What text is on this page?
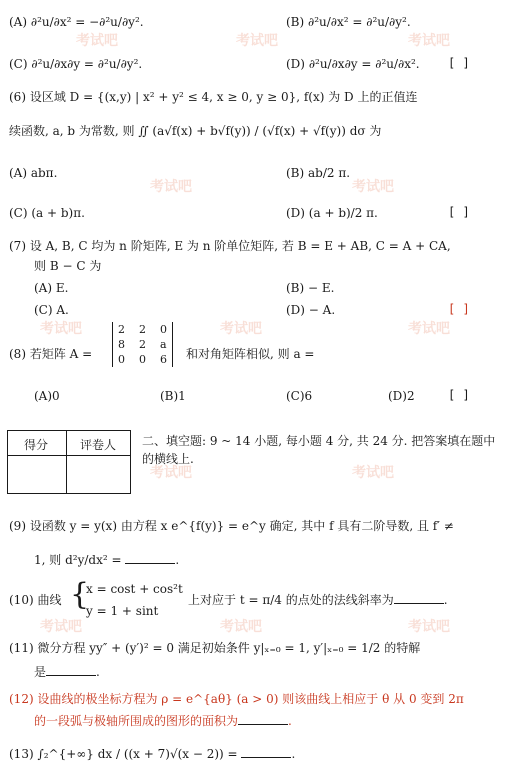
(A) ∂²u/∂x² = −∂²u/∂y².	(B) ∂²u/∂x² = ∂²u/∂y².
(C) ∂²u/∂x∂y = ∂²u/∂y².	(D) ∂²u/∂x∂y = ∂²u/∂x². [ ]
(6) 设区域 D = {(x,y) | x² + y² ≤ 4, x ≥ 0, y ≥ 0}, f(x) 为 D 上的正值连
续函数, a, b 为常数, 则 ∬ (a√f(x) + b√f(y)) / (√f(x) + √f(y)) dσ 为
(A) abπ.	(B) ab/2 π.
(C) (a + b)π.	(D) (a + b)/2 π.	[ ]
(7) 设 A, B, C 均为 n 阶矩阵, E 为 n 阶单位矩阵, 若 B = E + AB, C = A + CA,
则 B − C 为
(A) E.	(B) − E.
(C) A.	(D) − A.	[ ]
(8) 若矩阵 A =
2 2 0
8 2 a
0 0 6 和对角矩阵相似, 则 a =
(A)0	(B)1	(C)6	(D)2	[ ]
得分	评卷人 二、填空题: 9 ~ 14 小题, 每小题 4 分, 共 24 分. 把答案填在题中的横线上.
(9) 设函数 y = y(x) 由方程 x e^{f(y)} = e^y 确定, 其中 f 具有二阶导数, 且 f′ ≠
1, 则 d²y/dx² =	.
(10) 曲线 {
x = cost + cos²t
y = 1 + sint
上对应于 t = π/4 的点处的法线斜率为	.
(11) 微分方程 yy″ + (y′)² = 0 满足初始条件 y|ₓ₌₀ = 1, y′|ₓ₌₀ = 1/2 的特解
是	.
(12) 设曲线的极坐标方程为 ρ = e^{aθ} (a > 0) 则该曲线上相应于 θ 从 0 变到 2π
的一段弧与极轴所围成的图形的面积为	.
(13) ∫₂^{+∞} dx / ((x + 7)√(x − 2)) =	.
考试吧	考试吧	考试吧
考试吧	考试吧
考试吧	考试吧	考试吧
考试吧	考试吧
考试吧	考试吧	考试吧
